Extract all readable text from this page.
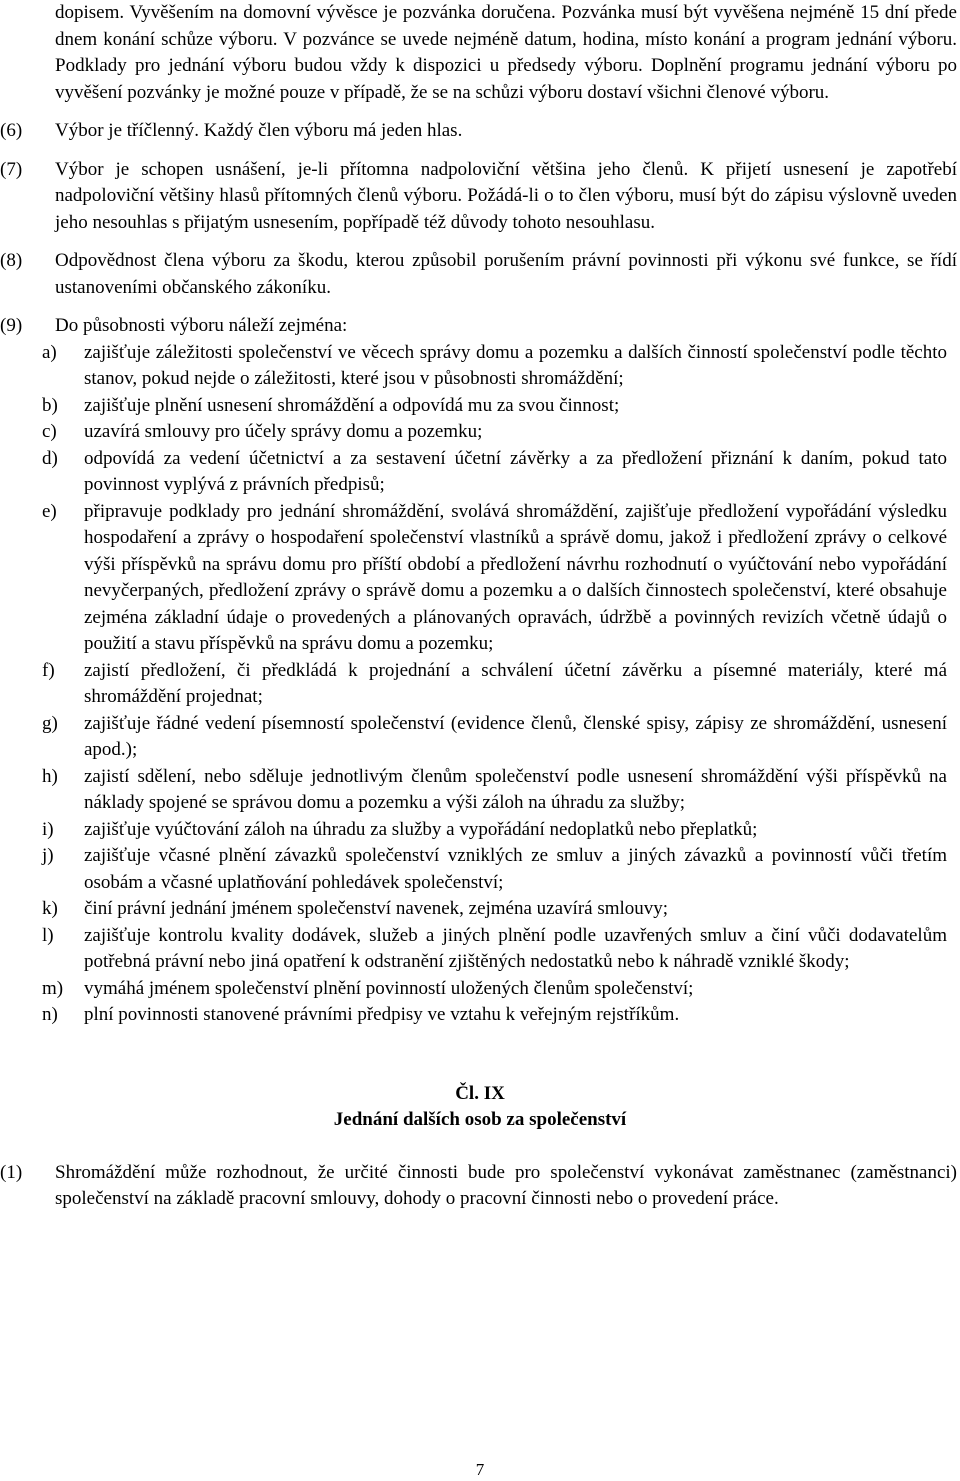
dopisem. Vyvěšením na domovní vývěsce je pozvánka doručena. Pozvánka musí být vyvěšena nejméně 15 dní přede dnem konání schůze výboru. V pozvánce se uvede nejméně datum, hodina, místo konání a program jednání výboru. Podklady pro jednání výboru budou vždy k dispozici u předsedy výboru. Doplnění programu jednání výboru po vyvěšení pozvánky je možné pouze v případě, že se na schůzi výboru dostaví všichni členové výboru.

(6)	Výbor je tříčlenný. Každý člen výboru má jeden hlas.
(7)	Výbor je schopen usnášení, je-li přítomna nadpoloviční většina jeho členů. K přijetí usnesení je zapotřebí nadpoloviční většiny hlasů přítomných členů výboru. Požádá-li o to člen výboru, musí být do zápisu výslovně uveden jeho nesouhlas s přijatým usnesením, popřípadě též důvody tohoto nesouhlasu.
(8)	Odpovědnost člena výboru za škodu, kterou způsobil porušením právní povinnosti při výkonu své funkce, se řídí ustanoveními občanského zákoníku.
(9)	Do působnosti výboru náleží zejména:
a)	zajišťuje záležitosti společenství ve věcech správy domu a pozemku a dalších činností společenství podle těchto stanov, pokud nejde o záležitosti, které jsou v působnosti shromáždění;
b)	zajišťuje plnění usnesení shromáždění a odpovídá mu za svou činnost;
c)	uzavírá smlouvy pro účely správy domu a pozemku;
d)	odpovídá za vedení účetnictví a za sestavení účetní závěrky a za předložení přiznání k daním, pokud tato povinnost vyplývá z právních předpisů;
e)	připravuje podklady pro jednání shromáždění, svolává shromáždění, zajišťuje předložení vypořádání výsledku hospodaření a zprávy o hospodaření společenství vlastníků a správě domu, jakož i předložení zprávy o celkové výši příspěvků na správu domu pro příští období a předložení návrhu rozhodnutí o vyúčtování nebo vypořádání nevyčerpaných, předložení zprávy o správě domu a pozemku a o dalších činnostech společenství, které obsahuje zejména základní údaje o provedených a plánovaných opravách, údržbě a povinných revizích včetně údajů o použití a stavu příspěvků na správu domu a pozemku;
f)	zajistí předložení, či předkládá k projednání a schválení účetní závěrku a písemné materiály, které má shromáždění projednat;
g)	zajišťuje řádné vedení písemností společenství (evidence členů, členské spisy, zápisy ze shromáždění, usnesení apod.);
h)	zajistí sdělení, nebo sděluje jednotlivým členům společenství podle usnesení shromáždění výši příspěvků na náklady spojené se správou domu a pozemku a výši záloh na úhradu za služby;
i)	zajišťuje vyúčtování záloh na úhradu za služby a vypořádání nedoplatků nebo přeplatků;
j)	zajišťuje včasné plnění závazků společenství vzniklých ze smluv a jiných závazků a povinností vůči třetím osobám a včasné uplatňování pohledávek společenství;
k)	činí právní jednání jménem společenství navenek, zejména uzavírá smlouvy;
l)	zajišťuje kontrolu kvality dodávek, služeb a jiných plnění podle uzavřených smluv a činí vůči dodavatelům potřebná právní nebo jiná opatření k odstranění zjištěných nedostatků nebo k náhradě vzniklé škody;
m)	vymáhá jménem společenství plnění povinností uložených členům společenství;
n)	plní povinnosti stanovené právními předpisy ve vztahu k veřejným rejstříkům.
Čl. IX
Jednání dalších osob za společenství
(1)	Shromáždění může rozhodnout, že určité činnosti bude pro společenství vykonávat zaměstnanec (zaměstnanci) společenství na základě pracovní smlouvy, dohody o pracovní činnosti nebo o provedení práce.
7
